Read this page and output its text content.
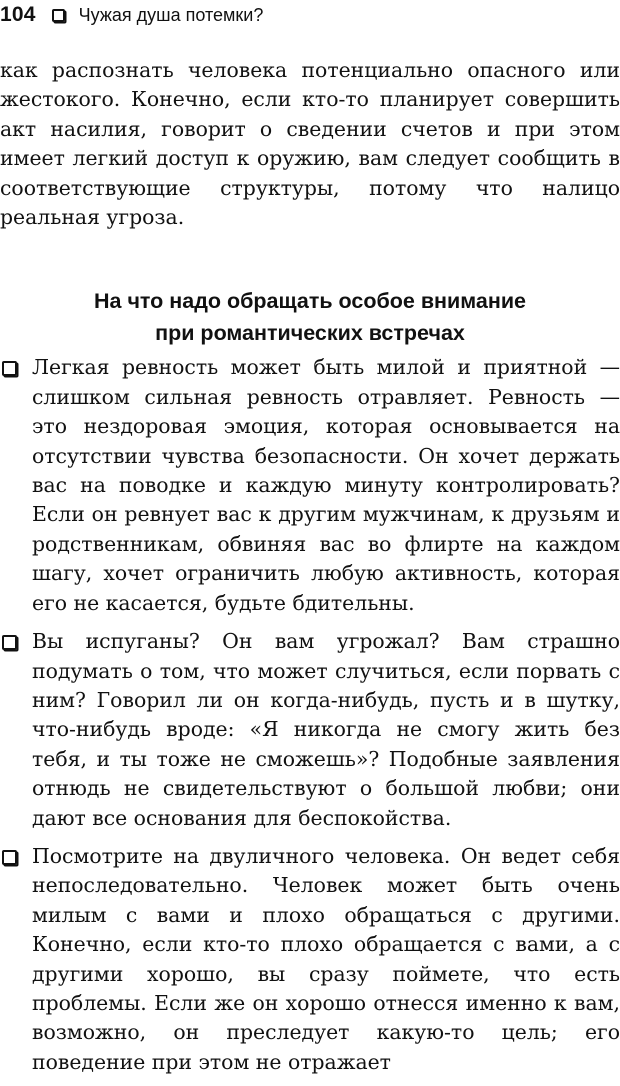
104 Чужая душа потемки?

как распознать человека потенциально опасного или жестокого. Конечно, если кто-то планирует совершить акт насилия, говорит о сведении счетов и при этом имеет легкий доступ к оружию, вам следует сообщить в соответствующие структуры, потому что налицо реальная угроза.

На что надо обращать особое внимание
при романтических встречах
Легкая ревность может быть милой и приятной — слишком сильная ревность отравляет. Ревность — это нездоровая эмоция, которая основывается на отсутствии чувства безопасности. Он хочет держать вас на поводке и каждую минуту контролировать? Если он ревнует вас к другим мужчинам, к друзьям и родственникам, обвиняя вас во флирте на каждом шагу, хочет ограничить любую активность, которая его не касается, будьте бдительны.
Вы испуганы? Он вам угрожал? Вам страшно подумать о том, что может случиться, если порвать с ним? Говорил ли он когда-нибудь, пусть и в шутку, что-нибудь вроде: «Я никогда не смогу жить без тебя, и ты тоже не сможешь»? Подобные заявления отнюдь не свидетельствуют о большой любви; они дают все основания для беспокойства.
Посмотрите на двуличного человека. Он ведет себя непоследовательно. Человек может быть очень милым с вами и плохо обращаться с другими. Конечно, если кто-то плохо обращается с вами, а с другими хорошо, вы сразу поймете, что есть проблемы. Если же он хорошо отнесся именно к вам, возможно, он преследует какую-то цель; его поведение при этом не отражает
